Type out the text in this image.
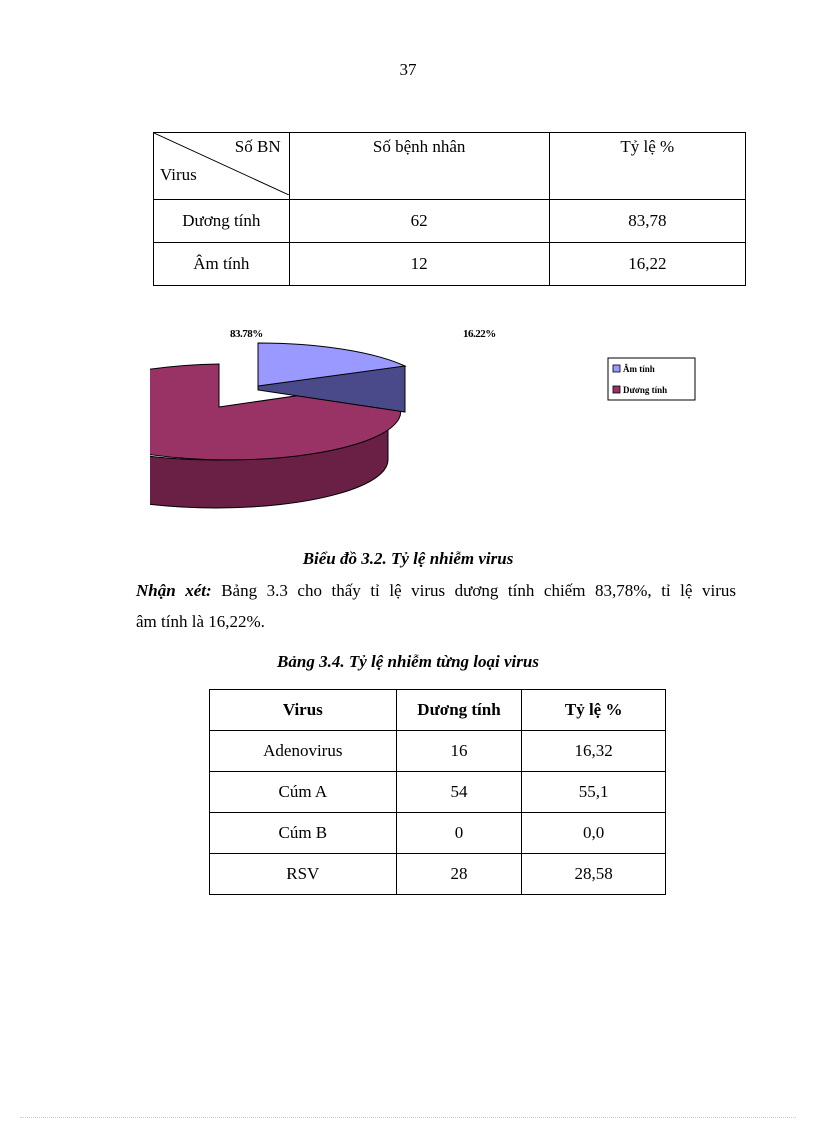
37
Số BN
Virus	Số bệnh nhân	Tỷ lệ %
Dương tính	62	83,78
Âm tính	12	16,22
83.78%	16.22%
Âm tính
Dương tính
Biểu đồ 3.2. Tỷ lệ nhiễm virus
Nhận xét: Bảng 3.3 cho thấy tỉ lệ virus dương tính chiếm 83,78%, tỉ lệ virus
âm tính là 16,22%.
Bảng 3.4. Tỷ lệ nhiễm từng loại virus
Virus	Dương tính	Tỷ lệ %
Adenovirus	16	16,32
Cúm A	54	55,1
Cúm B	0	0,0
RSV	28	28,58
